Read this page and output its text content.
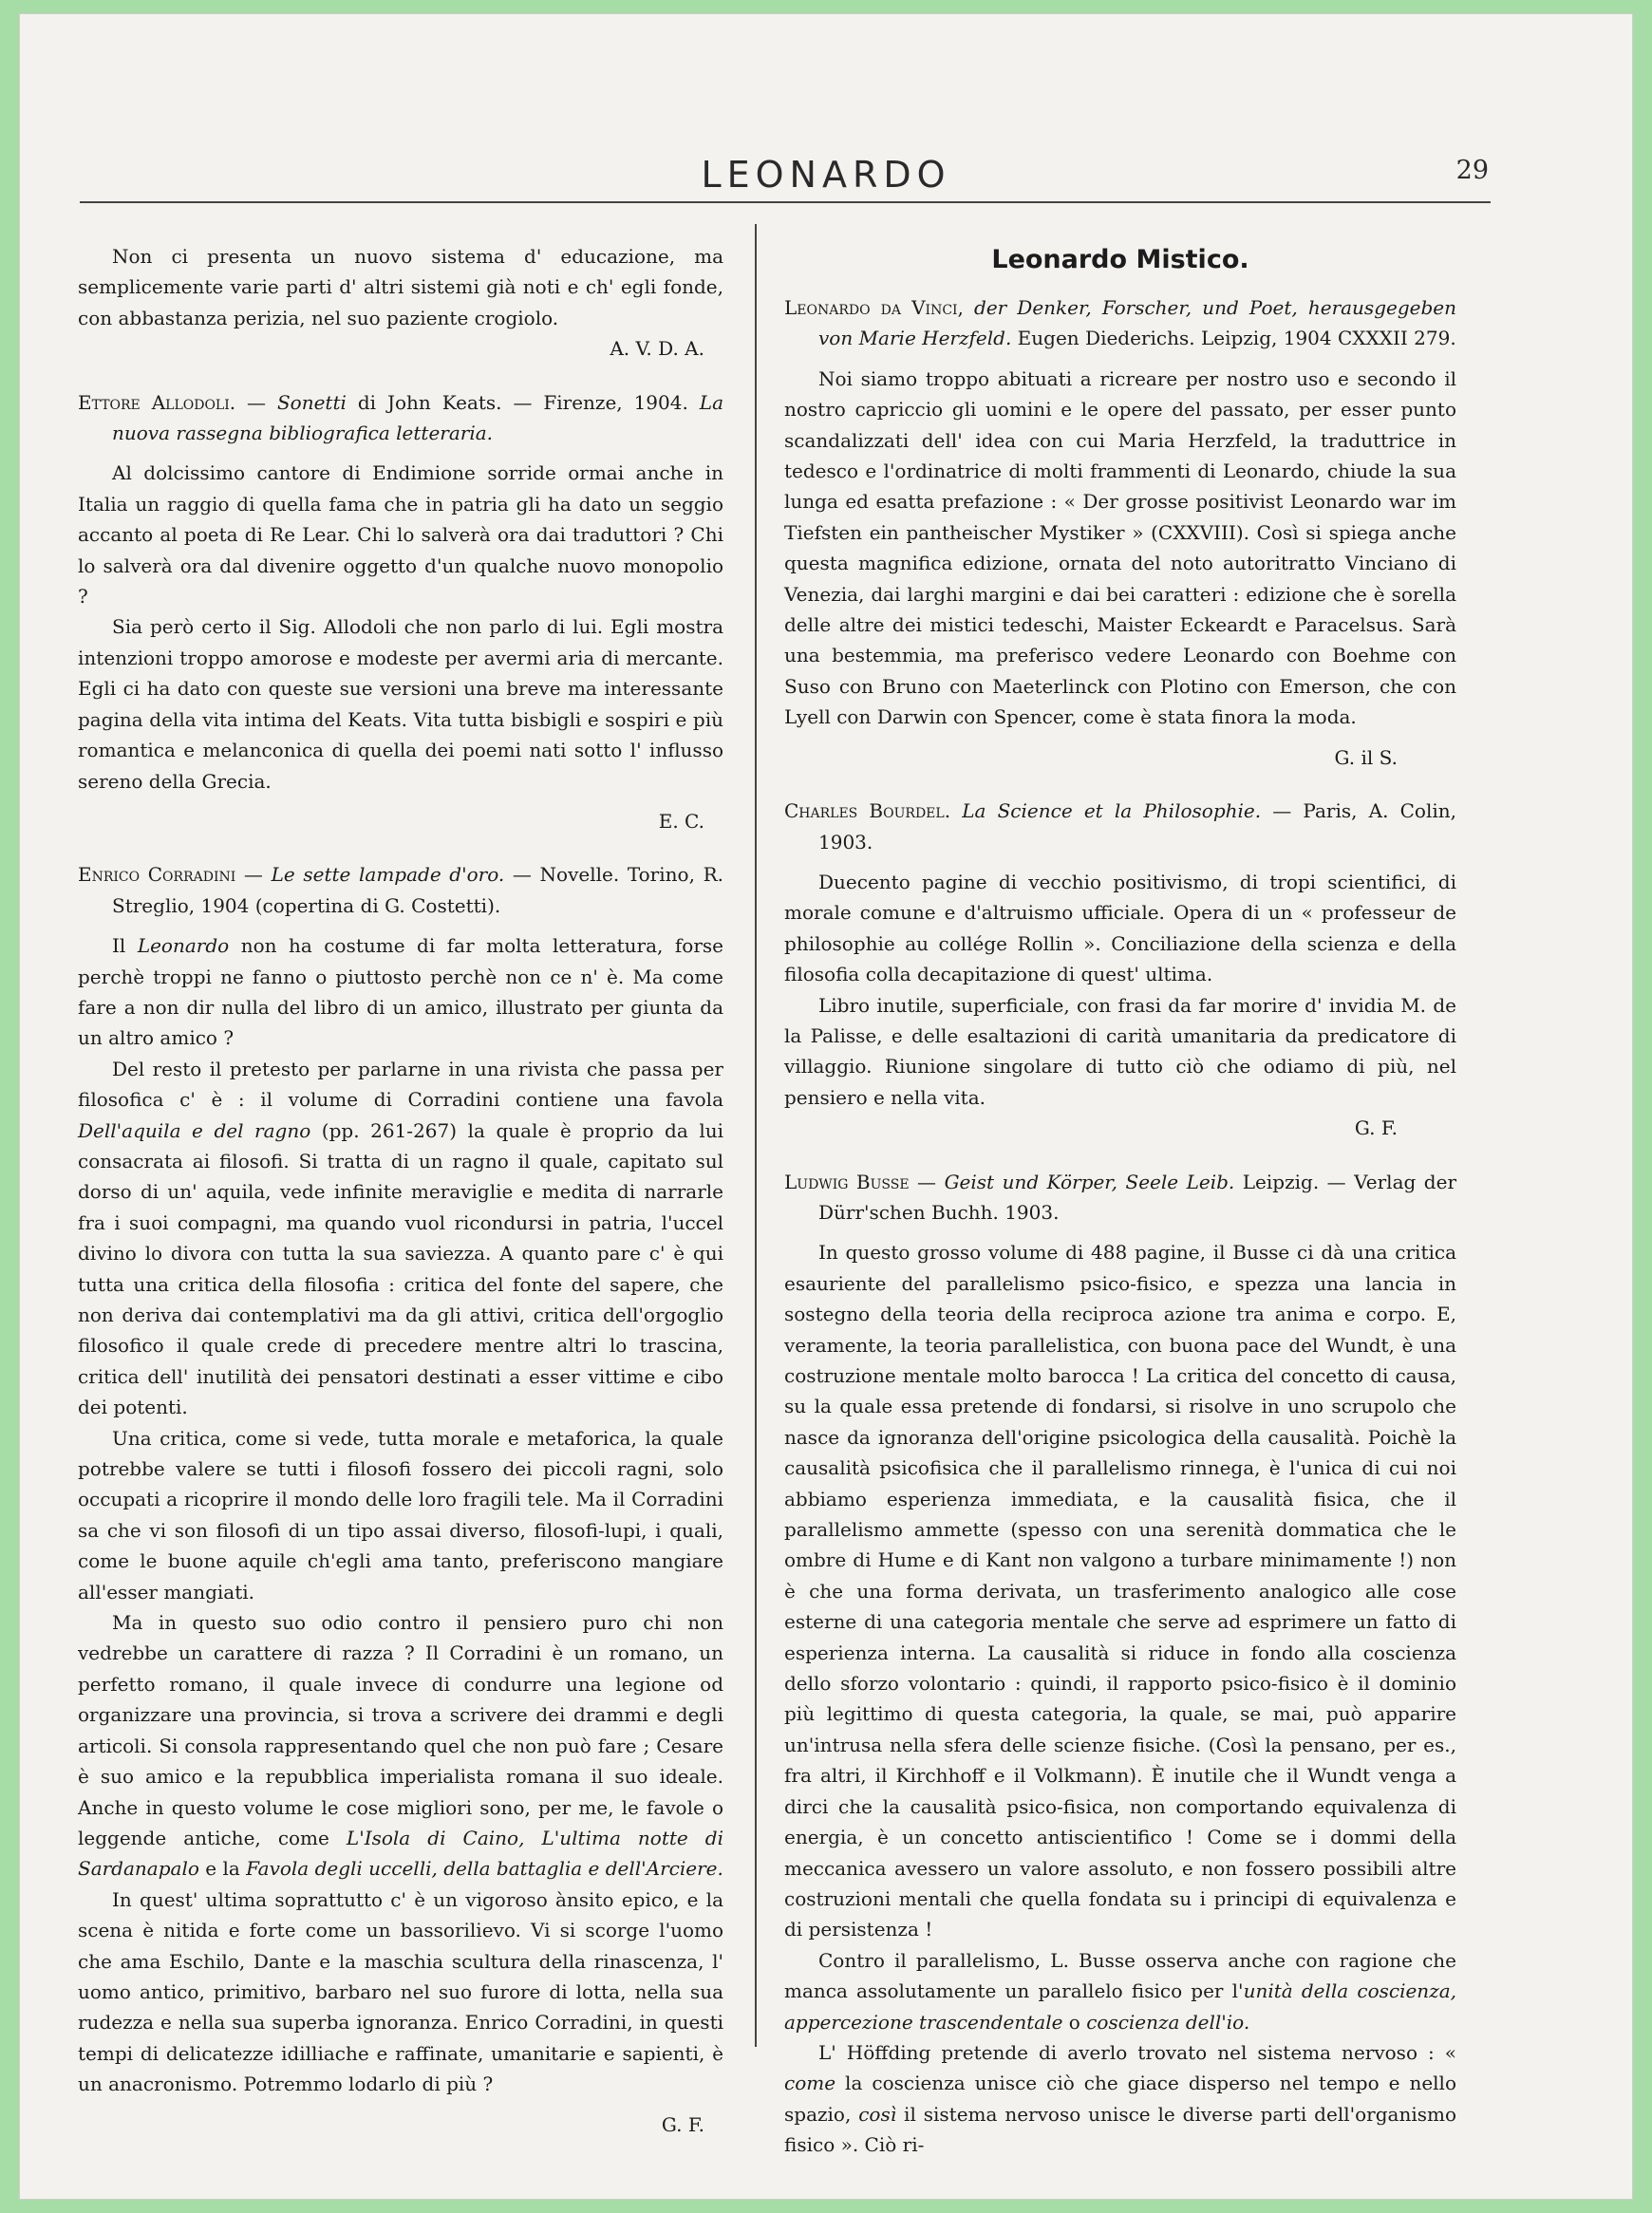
LEONARDO	29

Non ci presenta un nuovo sistema d' educazione, ma semplicemente varie parti d' altri sistemi già noti e ch' egli fonde, con abbastanza perizia, nel suo paziente crogiolo.

A. V. D. A.

Ettore Allodoli. — Sonetti di John Keats. — Firenze, 1904. La nuova rassegna bibliografica letteraria.

Al dolcissimo cantore di Endimione sorride ormai anche in Italia un raggio di quella fama che in patria gli ha dato un seggio accanto al poeta di Re Lear. Chi lo salverà ora dai traduttori ? Chi lo salverà ora dal divenire oggetto d'un qualche nuovo monopolio ?

Sia però certo il Sig. Allodoli che non parlo di lui. Egli mostra intenzioni troppo amorose e modeste per avermi aria di mercante. Egli ci ha dato con queste sue versioni una breve ma interessante pagina della vita intima del Keats. Vita tutta bisbigli e sospiri e più romantica e melanconica di quella dei poemi nati sotto l' influsso sereno della Grecia.

E. C.

Enrico Corradini — Le sette lampade d'oro. — Novelle. Torino, R. Streglio, 1904 (copertina di G. Costetti).

Il Leonardo non ha costume di far molta letteratura, forse perchè troppi ne fanno o piuttosto perchè non ce n' è. Ma come fare a non dir nulla del libro di un amico, illustrato per giunta da un altro amico ?

Del resto il pretesto per parlarne in una rivista che passa per filosofica c' è : il volume di Corradini contiene una favola Dell'aquila e del ragno (pp. 261-267) la quale è proprio da lui consacrata ai filosofi. Si tratta di un ragno il quale, capitato sul dorso di un' aquila, vede infinite meraviglie e medita di narrarle fra i suoi compagni, ma quando vuol ricondursi in patria, l'uccel divino lo divora con tutta la sua saviezza. A quanto pare c' è qui tutta una critica della filosofia : critica del fonte del sapere, che non deriva dai contemplativi ma da gli attivi, critica dell'orgoglio filosofico il quale crede di precedere mentre altri lo trascina, critica dell' inutilità dei pensatori destinati a esser vittime e cibo dei potenti.

Una critica, come si vede, tutta morale e metaforica, la quale potrebbe valere se tutti i filosofi fossero dei piccoli ragni, solo occupati a ricoprire il mondo delle loro fragili tele. Ma il Corradini sa che vi son filosofi di un tipo assai diverso, filosofi-lupi, i quali, come le buone aquile ch'egli ama tanto, preferiscono mangiare all'esser mangiati.

Ma in questo suo odio contro il pensiero puro chi non vedrebbe un carattere di razza ? Il Corradini è un romano, un perfetto romano, il quale invece di condurre una legione od organizzare una provincia, si trova a scrivere dei drammi e degli articoli. Si consola rappresentando quel che non può fare ; Cesare è suo amico e la repubblica imperialista romana il suo ideale. Anche in questo volume le cose migliori sono, per me, le favole o leggende antiche, come L'Isola di Caino, L'ultima notte di Sardanapalo e la Favola degli uccelli, della battaglia e dell'Arciere.

In quest' ultima soprattutto c' è un vigoroso ànsito epico, e la scena è nitida e forte come un bassorilievo. Vi si scorge l'uomo che ama Eschilo, Dante e la maschia scultura della rinascenza, l' uomo antico, primitivo, barbaro nel suo furore di lotta, nella sua rudezza e nella sua superba ignoranza. Enrico Corradini, in questi tempi di delicatezze idilliache e raffinate, umanitarie e sapienti, è un anacronismo. Potremmo lodarlo di più ?

G. F.

Leonardo Mistico.

Leonardo da Vinci, der Denker, Forscher, und Poet, herausgegeben von Marie Herzfeld. Eugen Diederichs. Leipzig, 1904 CXXXII 279.

Noi siamo troppo abituati a ricreare per nostro uso e secondo il nostro capriccio gli uomini e le opere del passato, per esser punto scandalizzati dell' idea con cui Maria Herzfeld, la traduttrice in tedesco e l'ordinatrice di molti frammenti di Leonardo, chiude la sua lunga ed esatta prefazione : « Der grosse positivist Leonardo war im Tiefsten ein pantheischer Mystiker » (CXXVIII). Così si spiega anche questa magnifica edizione, ornata del noto autoritratto Vinciano di Venezia, dai larghi margini e dai bei caratteri : edizione che è sorella delle altre dei mistici tedeschi, Maister Eckeardt e Paracelsus. Sarà una bestemmia, ma preferisco vedere Leonardo con Boehme con Suso con Bruno con Maeterlinck con Plotino con Emerson, che con Lyell con Darwin con Spencer, come è stata finora la moda.

G. il S.

Charles Bourdel. La Science et la Philosophie. — Paris, A. Colin, 1903.

Duecento pagine di vecchio positivismo, di tropi scientifici, di morale comune e d'altruismo ufficiale. Opera di un « professeur de philosophie au collége Rollin ». Conciliazione della scienza e della filosofia colla decapitazione di quest' ultima.

Libro inutile, superficiale, con frasi da far morire d' invidia M. de la Palisse, e delle esaltazioni di carità umanitaria da predicatore di villaggio. Riunione singolare di tutto ciò che odiamo di più, nel pensiero e nella vita.

G. F.

Ludwig Busse — Geist und Körper, Seele Leib. Leipzig. — Verlag der Dürr'schen Buchh. 1903.

In questo grosso volume di 488 pagine, il Busse ci dà una critica esauriente del parallelismo psico-fisico, e spezza una lancia in sostegno della teoria della reciproca azione tra anima e corpo. E, veramente, la teoria parallelistica, con buona pace del Wundt, è una costruzione mentale molto barocca ! La critica del concetto di causa, su la quale essa pretende di fondarsi, si risolve in uno scrupolo che nasce da ignoranza dell'origine psicologica della causalità. Poichè la causalità psicofisica che il parallelismo rinnega, è l'unica di cui noi abbiamo esperienza immediata, e la causalità fisica, che il parallelismo ammette (spesso con una serenità dommatica che le ombre di Hume e di Kant non valgono a turbare minimamente !) non è che una forma derivata, un trasferimento analogico alle cose esterne di una categoria mentale che serve ad esprimere un fatto di esperienza interna. La causalità si riduce in fondo alla coscienza dello sforzo volontario : quindi, il rapporto psico-fisico è il dominio più legittimo di questa categoria, la quale, se mai, può apparire un'intrusa nella sfera delle scienze fisiche. (Così la pensano, per es., fra altri, il Kirchhoff e il Volkmann). È inutile che il Wundt venga a dirci che la causalità psico-fisica, non comportando equivalenza di energia, è un concetto antiscientifico ! Come se i dommi della meccanica avessero un valore assoluto, e non fossero possibili altre costruzioni mentali che quella fondata su i principi di equivalenza e di persistenza !

Contro il parallelismo, L. Busse osserva anche con ragione che manca assolutamente un parallelo fisico per l'unità della coscienza, appercezione trascendentale o coscienza dell'io.

L' Höffding pretende di averlo trovato nel sistema nervoso : « come la coscienza unisce ciò che giace disperso nel tempo e nello spazio, così il sistema nervoso unisce le diverse parti dell'organismo fisico ». Ciò ri-
